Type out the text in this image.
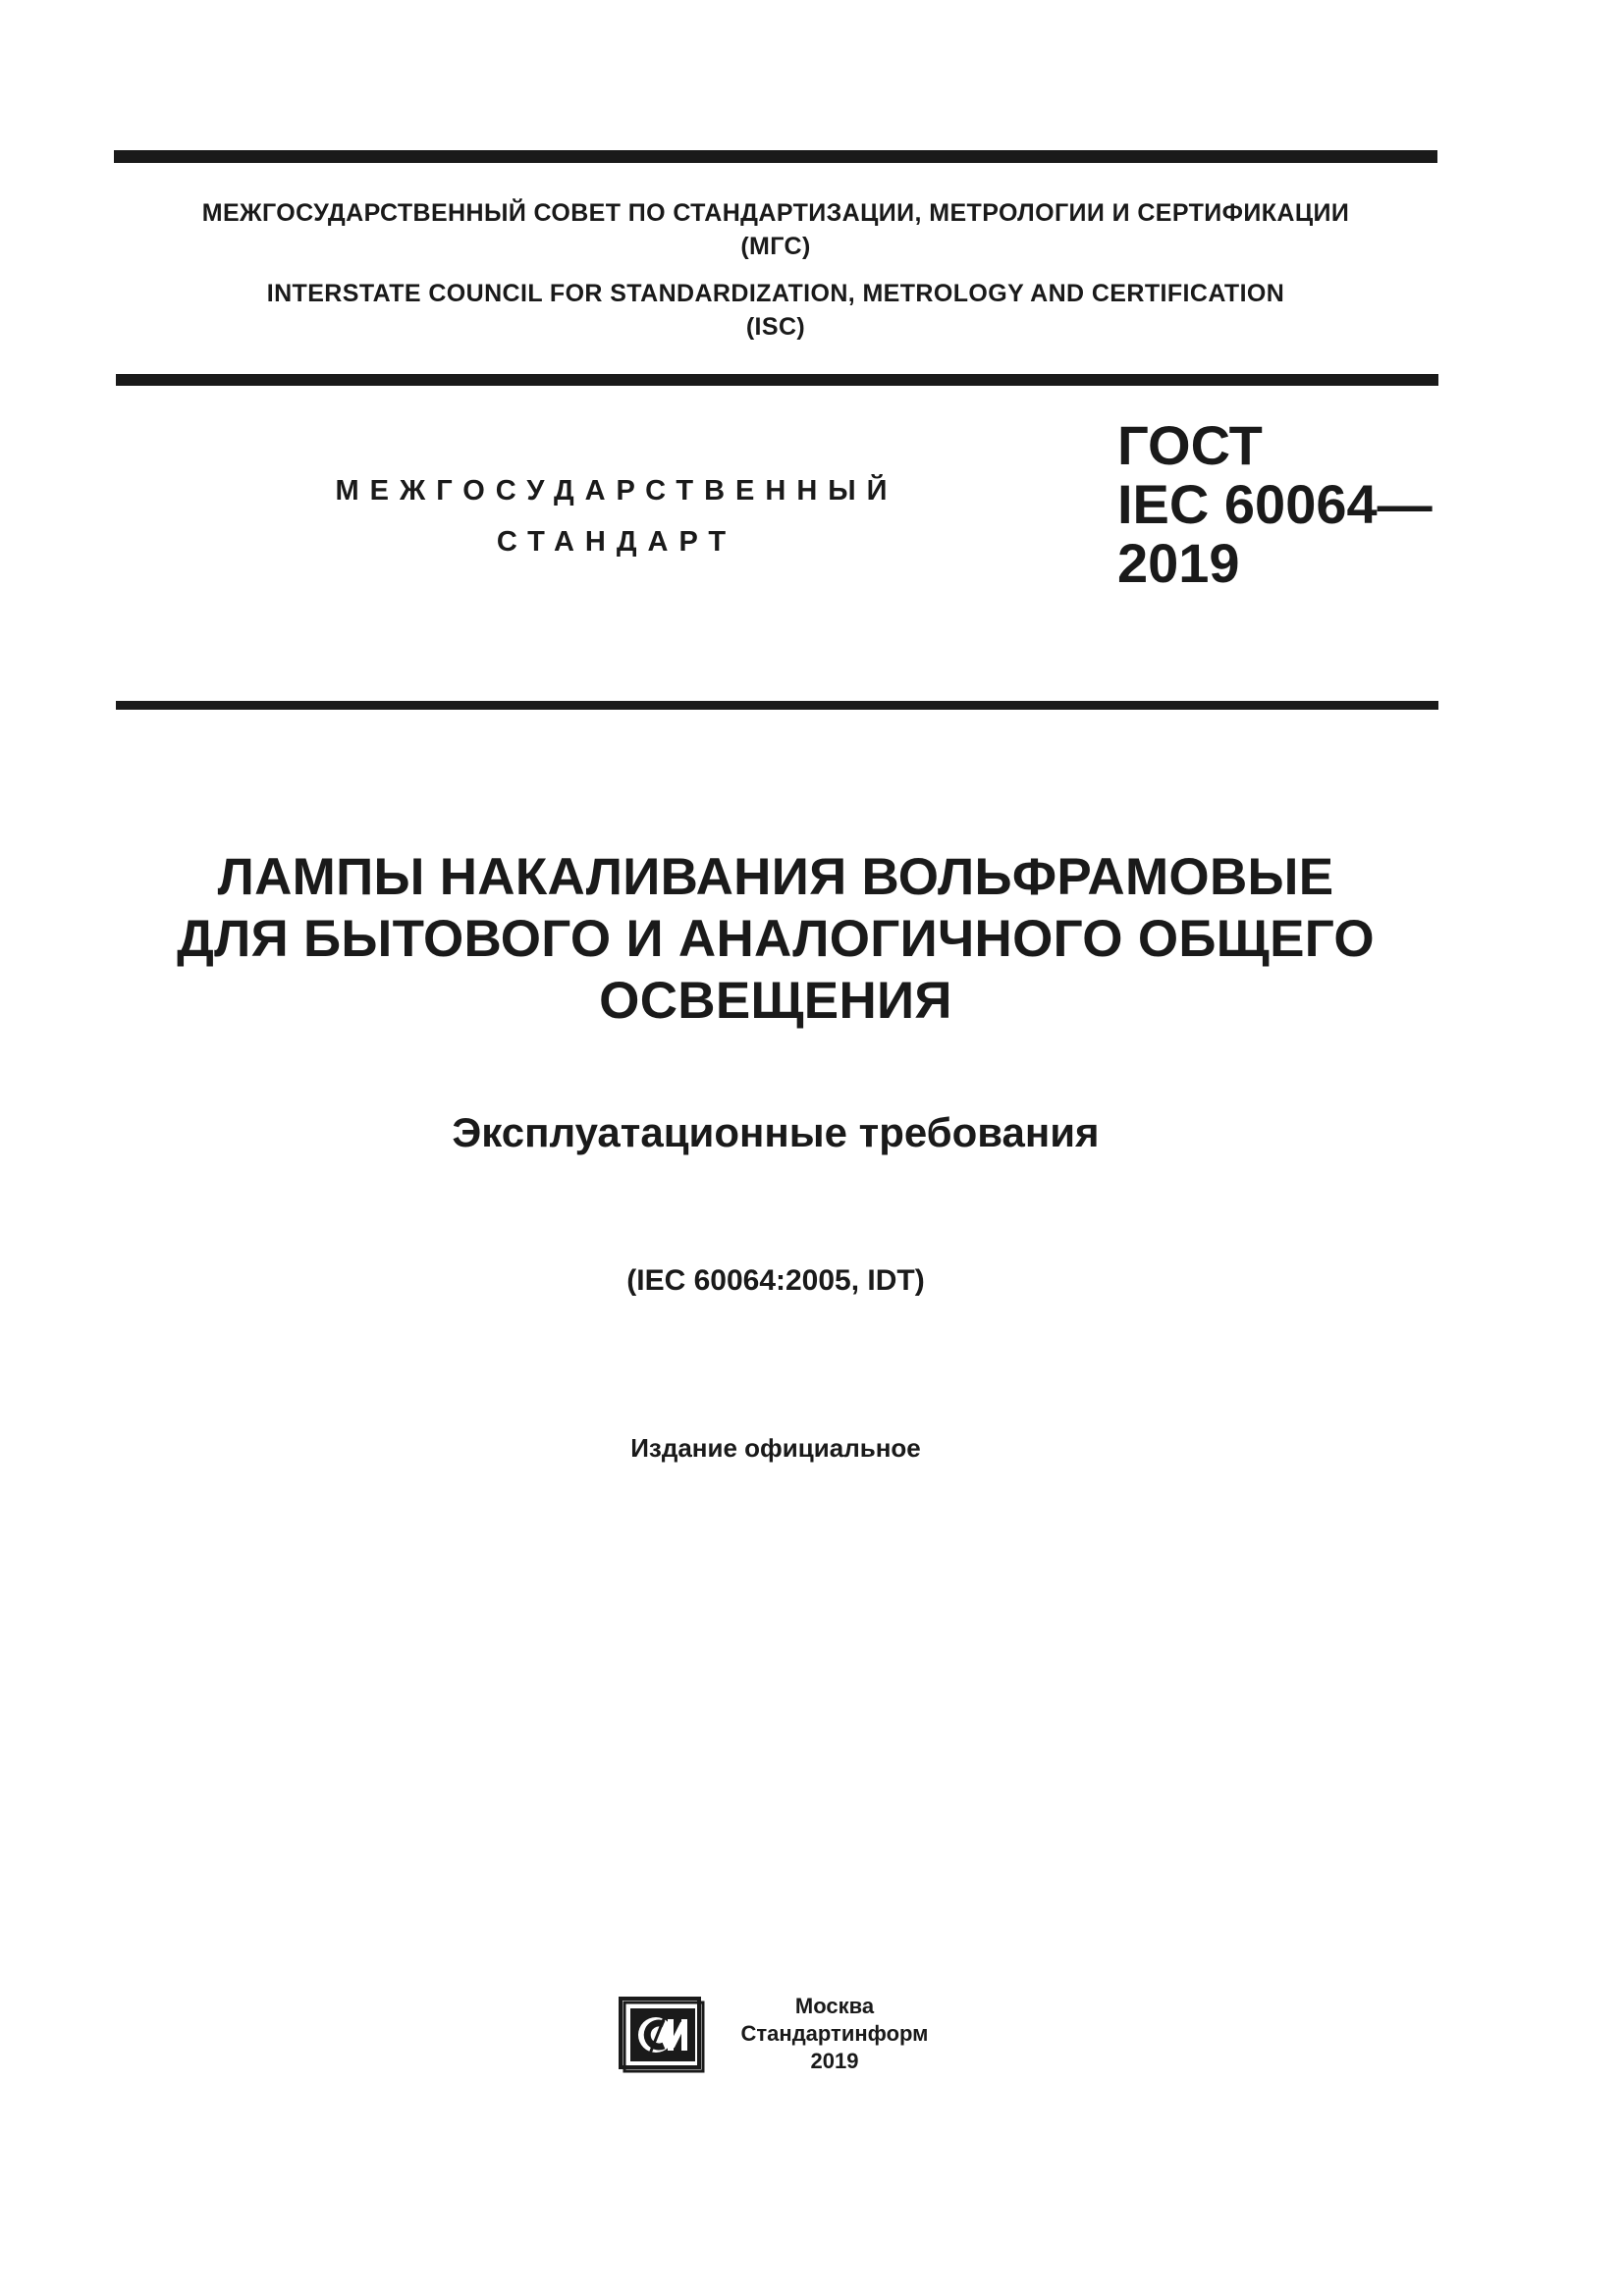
МЕЖГОСУДАРСТВЕННЫЙ СОВЕТ ПО СТАНДАРТИЗАЦИИ, МЕТРОЛОГИИ И СЕРТИФИКАЦИИ
(МГС)
INTERSTATE COUNCIL FOR STANDARDIZATION, METROLOGY AND CERTIFICATION
(ISC)
МЕЖГОСУДАРСТВЕННЫЙ
СТАНДАРТ
ГОСТ
IEC 60064—
2019
ЛАМПЫ НАКАЛИВАНИЯ ВОЛЬФРАМОВЫЕ
ДЛЯ БЫТОВОГО И АНАЛОГИЧНОГО ОБЩЕГО
ОСВЕЩЕНИЯ
Эксплуатационные требования
(IEC 60064:2005, IDT)
Издание официальное
Москва
Стандартинформ
2019
